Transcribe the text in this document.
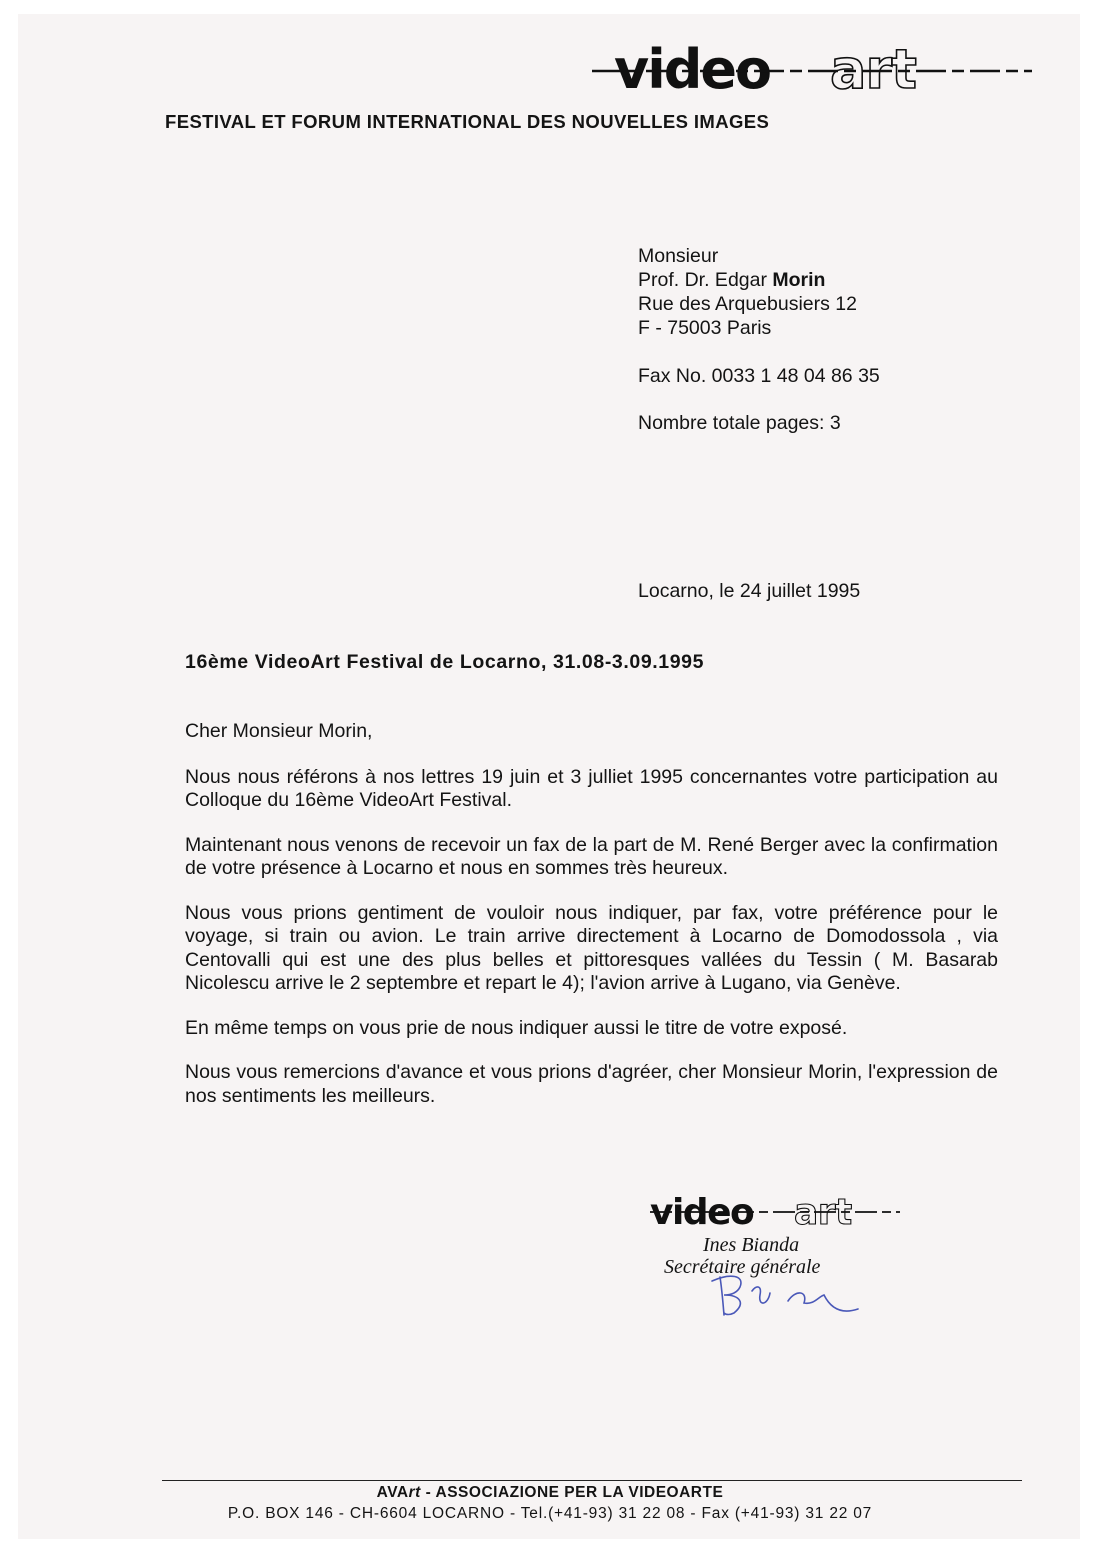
video art
FESTIVAL ET FORUM INTERNATIONAL DES NOUVELLES IMAGES
Monsieur
Prof. Dr. Edgar Morin
Rue des Arquebusiers 12
F - 75003 Paris
Fax No. 0033 1 48 04 86 35
Nombre totale pages: 3
Locarno, le 24 juillet 1995
16ème VideoArt Festival de Locarno, 31.08-3.09.1995

Cher Monsieur Morin,

Nous nous référons à nos lettres 19 juin et 3 julliet 1995 concernantes votre participation au Colloque du 16ème VideoArt Festival.

Maintenant nous venons de recevoir un fax de la part de M. René Berger avec la confirmation de votre présence à Locarno et nous en sommes très heureux.

Nous vous prions gentiment de vouloir nous indiquer, par fax, votre préférence pour le voyage, si train ou avion. Le train arrive directement à Locarno de Domodossola , via Centovalli qui est une des plus belles et pittoresques vallées du Tessin ( M. Basarab Nicolescu arrive le 2 septembre et repart le 4); l'avion arrive à Lugano, via Genève.

En même temps on vous prie de nous indiquer aussi le titre de votre exposé.

Nous vous remercions d'avance et vous prions d'agréer, cher Monsieur Morin, l'expression de nos sentiments les meilleurs.

video art
Ines Bianda
Secrétaire générale
AVArt - ASSOCIAZIONE PER LA VIDEOARTE
P.O. BOX 146 - CH-6604 LOCARNO - Tel.(+41-93) 31 22 08 - Fax (+41-93) 31 22 07
